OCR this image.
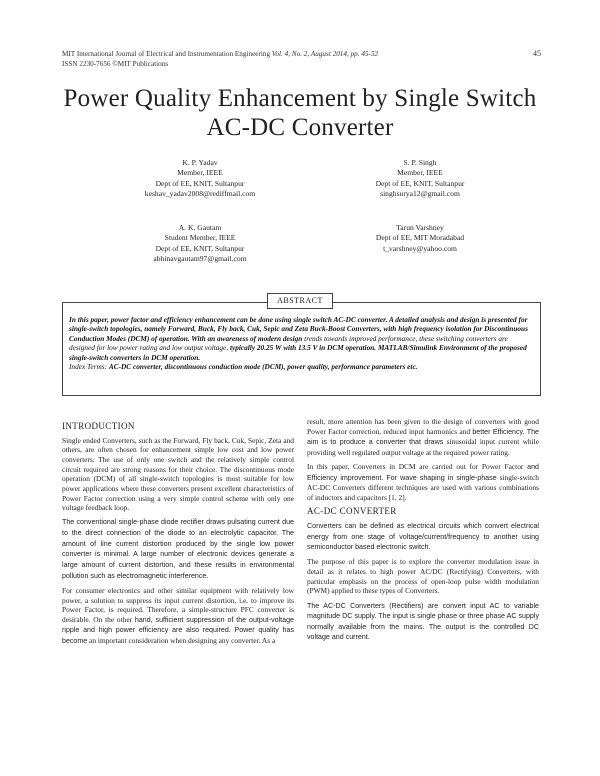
MIT International Journal of Electrical and Instrumentation Engineering Vol. 4, No. 2, August 2014, pp. 45-52
ISSN 2230-7656 ©MIT Publications
45
Power Quality Enhancement by Single Switch
AC-DC Converter
K. P. Yadav
Member, IEEE
Dept of EE, KNIT, Sultanpur
keshav_yadav2008@rediffmail.com
S. P. Singh
Member, IEEE
Dept of EE, KNIT, Sultanpur
singhsurya12@gmail.com
A. K. Gautam
Student Member, IEEE
Dept of EE, KNIT, Sultanpur
abhinavgautam97@gmail.com
Tarun Varshney
Dept of EE, MIT Moradabad
t_varshney@yahoo.com
ABSTRACT
In this paper, power factor and efficiency enhancement can be done using single switch AC-DC converter. A detailed analysis and design is presented for single-switch topologies, namely Forward, Buck, Fly back, Cuk, Sepic and Zeta Buck-Boost Converters, with high frequency isolation for Discontinuous Conduction Modes (DCM) of operation. With an awareness of modern design trends towards improved performance, these switching converters are designed for low power rating and low output voltage, typically 20.25 W with 13.5 V in DCM operation. MATLAB/Simulink Environment of the proposed single-switch converters in DCM operation.
Index Terms: AC-DC converter, discontinuous conduction mode (DCM), power quality, performance parameters etc.
INTRODUCTION

Single ended Converters, such as the Forward, Fly back, Cuk, Sepic, Zeta and others, are often chosen for enhancement simple low cost and low power converters. The use of only one switch and the relatively simple control circuit required are strong reasons for their choice. The discontinuous mode operation (DCM) of all single-switch topologies is most suitable for low power applications where these converters present excellent characteristics of Power Factor correction using a very simple control scheme with only one voltage feedback loop.

The conventional single-phase diode rectifier draws pulsating current due to the direct connection of the diode to an electrolytic capacitor. The amount of line current distortion produced by the single low power converter is minimal. A large number of electronic devices generate a large amount of current distortion, and these results in environmental pollution such as electromagnetic interference.

For consumer electronics and other similar equipment with relatively low power, a solution to suppress its input current distortion, i.e. to improve its Power Factor, is required. Therefore, a simple-structure PFC converter is desirable. On the other hand, sufficient suppression of the output-voltage ripple and high power efficiency are also required. Power quality has become an important consideration when designing any converter. As a

result, more attention has been given to the design of converters with good Power Factor correction, reduced input harmonics and better Efficiency. The aim is to produce a converter that draws sinusoidal input current while providing well regulated output voltage at the required power rating.

In this paper, Converters in DCM are carried out for Power Factor and Efficiency improvement. For wave shaping in single-phase single-switch AC-DC Converters different techniques are used with various combinations of inductors and capacitors [1, 2].

AC-DC CONVERTER

Converters can be defined as electrical circuits which convert electrical energy from one stage of voltage/current/frequency to another using semiconductor based electronic switch.

The purpose of this paper is to explore the converter modulation issue in detail as it relates to high power AC/DC (Rectifying) Converters, with particular emphasis on the process of open-loop pulse width modulation (PWM) applied to these types of Converters.

The AC-DC Converters (Rectifiers) are convert input AC to variable magnitude DC supply. The input is single phase or three phase AC supply normally available from the mains. The output is the controlled DC voltage and current.
